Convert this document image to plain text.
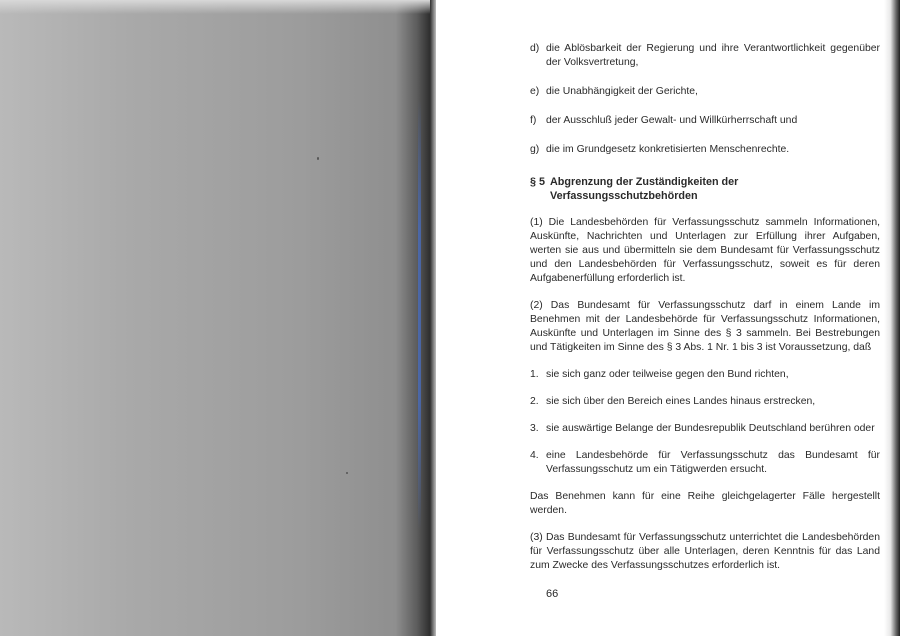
d) die Ablösbarkeit der Regierung und ihre Verantwortlichkeit gegenüber der Volksvertretung,
e) die Unabhängigkeit der Gerichte,
f) der Ausschluß jeder Gewalt- und Willkürherrschaft und
g) die im Grundgesetz konkretisierten Menschenrechte.
§ 5 Abgrenzung der Zuständigkeiten der Verfassungsschutzbehörden

(1) Die Landesbehörden für Verfassungsschutz sammeln Informationen, Auskünfte, Nachrichten und Unterlagen zur Erfüllung ihrer Aufgaben, werten sie aus und übermitteln sie dem Bundesamt für Verfassungsschutz und den Landesbehörden für Verfassungsschutz, soweit es für deren Aufgabenerfüllung erforderlich ist.

(2) Das Bundesamt für Verfassungsschutz darf in einem Lande im Benehmen mit der Landesbehörde für Verfassungsschutz Informationen, Auskünfte und Unterlagen im Sinne des § 3 sammeln. Bei Bestrebungen und Tätigkeiten im Sinne des § 3 Abs. 1 Nr. 1 bis 3 ist Voraussetzung, daß

1. sie sich ganz oder teilweise gegen den Bund richten,
2. sie sich über den Bereich eines Landes hinaus erstrecken,
3. sie auswärtige Belange der Bundesrepublik Deutschland berühren oder
4. eine Landesbehörde für Verfassungsschutz das Bundesamt für Verfassungsschutz um ein Tätigwerden ersucht.

Das Benehmen kann für eine Reihe gleichgelagerter Fälle hergestellt werden.

(3) Das Bundesamt für Verfassungsschutz unterrichtet die Landesbehörden für Verfassungsschutz über alle Unterlagen, deren Kenntnis für das Land zum Zwecke des Verfassungsschutzes erforderlich ist.

66
